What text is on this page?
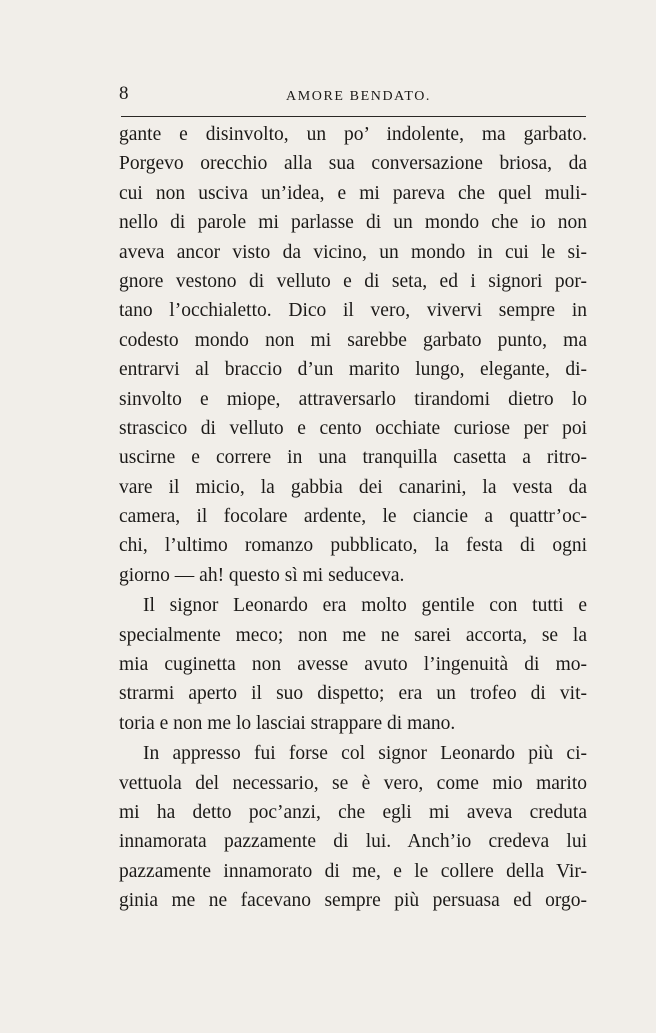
8	AMORE BENDATO.
gante e disinvolto, un po’ indolente, ma garbato.
Porgevo orecchio alla sua conversazione briosa, da
cui non usciva un’idea, e mi pareva che quel muli-
nello di parole mi parlasse di un mondo che io non
aveva ancor visto da vicino, un mondo in cui le si-
gnore vestono di velluto e di seta, ed i signori por-
tano l’occhialetto. Dico il vero, vivervi sempre in
codesto mondo non mi sarebbe garbato punto, ma
entrarvi al braccio d’un marito lungo, elegante, di-
sinvolto e miope, attraversarlo tirandomi dietro lo
strascico di velluto e cento occhiate curiose per poi
uscirne e correre in una tranquilla casetta a ritro-
vare il micio, la gabbia dei canarini, la vesta da
camera, il focolare ardente, le ciancie a quattr’oc-
chi, l’ultimo romanzo pubblicato, la festa di ogni
giorno — ah! questo sì mi seduceva.
Il signor Leonardo era molto gentile con tutti e
specialmente meco; non me ne sarei accorta, se la
mia cuginetta non avesse avuto l’ingenuità di mo-
strarmi aperto il suo dispetto; era un trofeo di vit-
toria e non me lo lasciai strappare di mano.
In appresso fui forse col signor Leonardo più ci-
vettuola del necessario, se è vero, come mio marito
mi ha detto poc’anzi, che egli mi aveva creduta
innamorata pazzamente di lui. Anch’io credeva lui
pazzamente innamorato di me, e le collere della Vir-
ginia me ne facevano sempre più persuasa ed orgo-
